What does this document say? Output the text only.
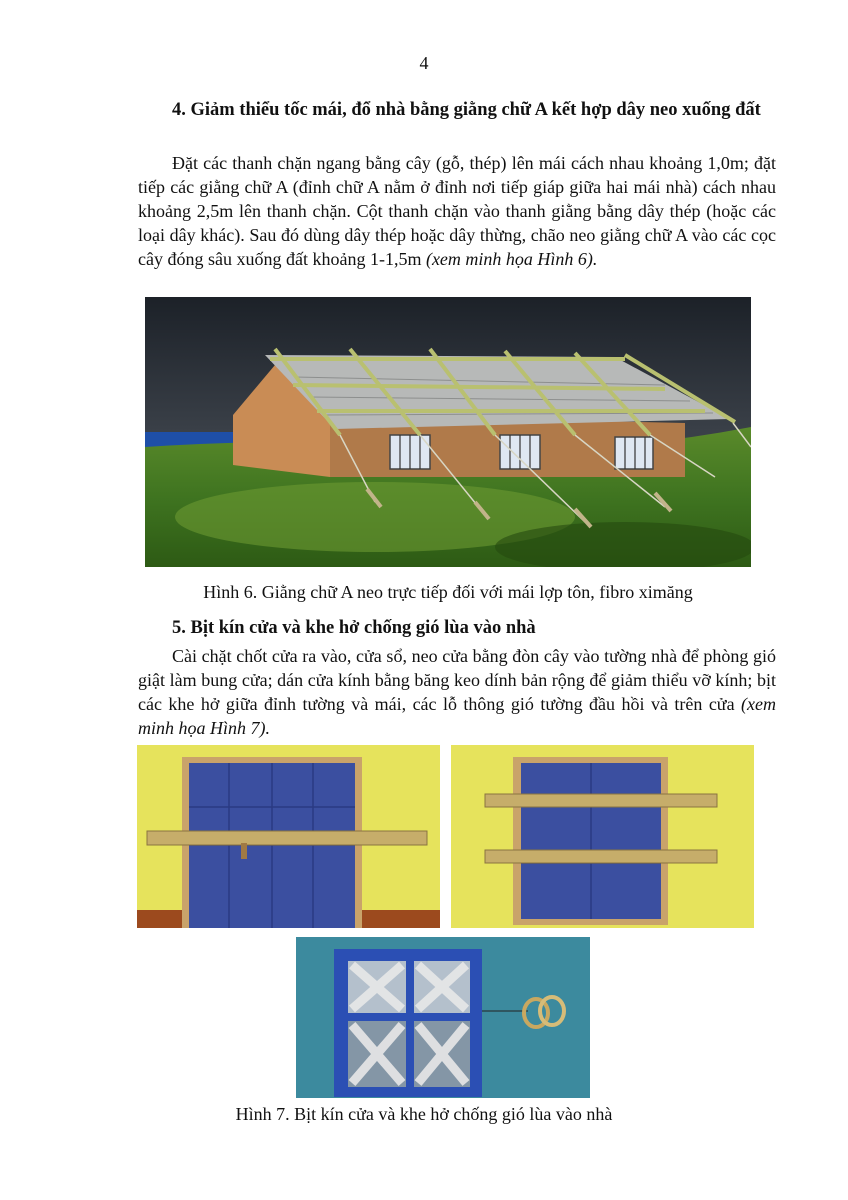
4
4. Giảm thiểu tốc mái, đổ nhà bằng giằng chữ A kết hợp dây neo xuống đất
Đặt các thanh chặn ngang bằng cây (gỗ, thép) lên mái cách nhau khoảng 1,0m; đặt tiếp các giằng chữ A (đỉnh chữ A nằm ở đỉnh nơi tiếp giáp giữa hai mái nhà) cách nhau khoảng 2,5m lên thanh chặn. Cột thanh chặn vào thanh giằng bằng dây thép (hoặc các loại dây khác). Sau đó dùng dây thép hoặc dây thừng, chão neo giằng chữ A vào các cọc cây đóng sâu xuống đất khoảng 1-1,5m (xem minh họa Hình 6).
Hình 6. Giằng chữ A neo trực tiếp đối với mái lợp tôn, fibro ximăng
5. Bịt kín cửa và khe hở chống gió lùa vào nhà
Cài chặt chốt cửa ra vào, cửa sổ, neo cửa bằng đòn cây vào tường nhà để phòng gió giật làm bung cửa; dán cửa kính bằng băng keo dính bản rộng để giảm thiểu vỡ kính; bịt các khe hở giữa đỉnh tường và mái, các lỗ thông gió tường đầu hồi và trên cửa (xem minh họa Hình 7).
Hình 7. Bịt kín cửa và khe hở chống gió lùa vào nhà
